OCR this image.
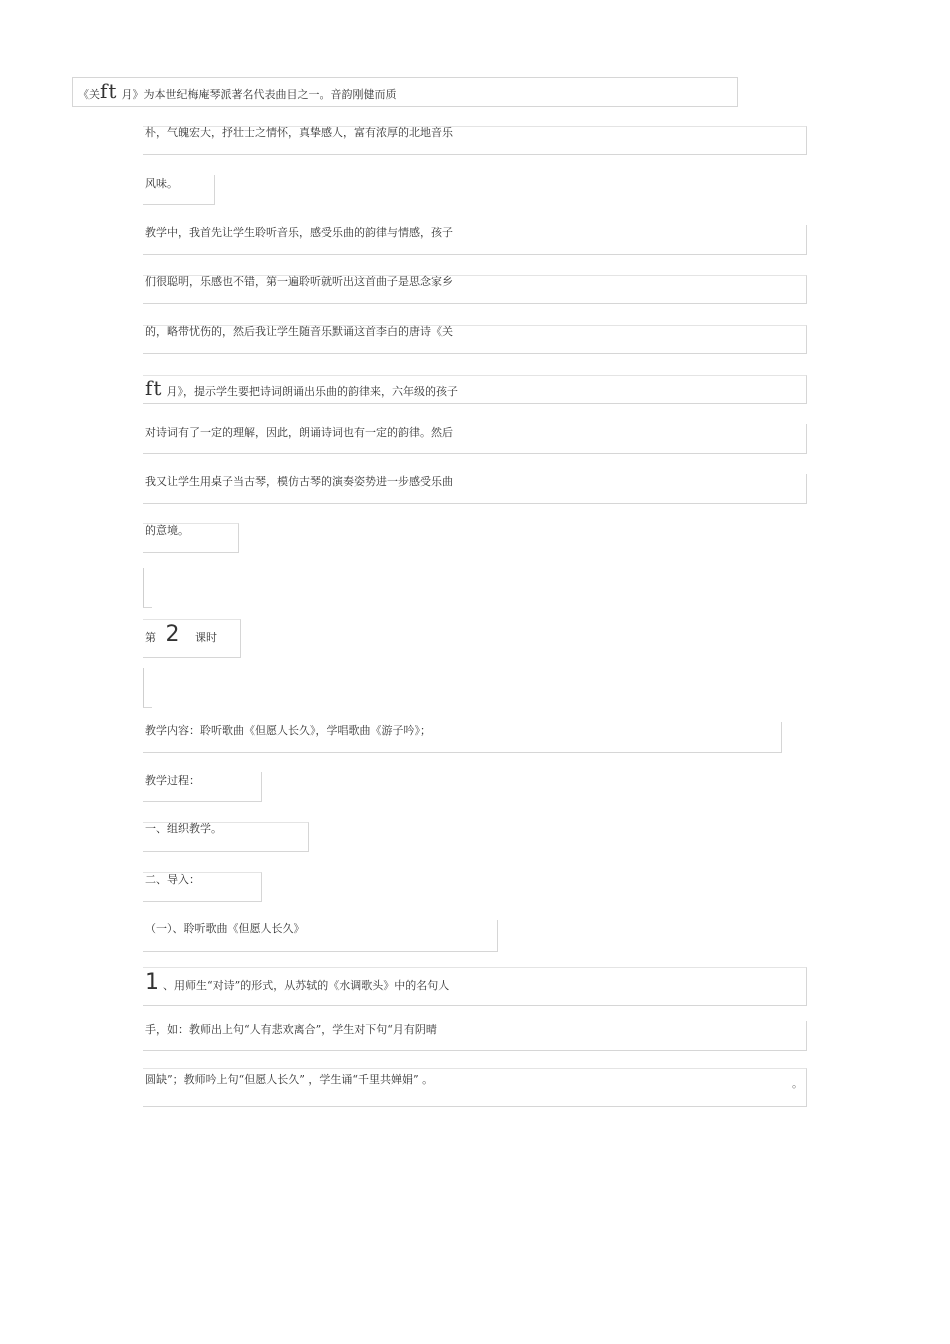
《关ft 月》为本世纪梅庵琴派著名代表曲目之一。音韵刚健而质
朴，气魄宏大，抒壮士之情怀，真挚感人，富有浓厚的北地音乐
风味。
教学中，我首先让学生聆听音乐，感受乐曲的韵律与情感，孩子
们很聪明，乐感也不错，第一遍聆听就听出这首曲子是思念家乡
的，略带忧伤的，然后我让学生随音乐默诵这首李白的唐诗《关
ft 月》，提示学生要把诗词朗诵出乐曲的韵律来，六年级的孩子
对诗词有了一定的理解，因此，朗诵诗词也有一定的韵律。然后
我又让学生用桌子当古琴，模仿古琴的演奏姿势进一步感受乐曲
的意境。
第 2 课时
教学内容：聆听歌曲《但愿人长久》，学唱歌曲《游子吟》；
教学过程：
一、组织教学。
二、导入：
（一）、聆听歌曲《但愿人长久》
1 、用师生“对诗”的形式，从苏轼的《水调歌头》中的名句人
手，如：教师出上句“人有悲欢离合”，学生对下句“月有阴晴
圆缺”；教师吟上句“但愿人长久” ，学生诵“千里共婵娟” 。	。
